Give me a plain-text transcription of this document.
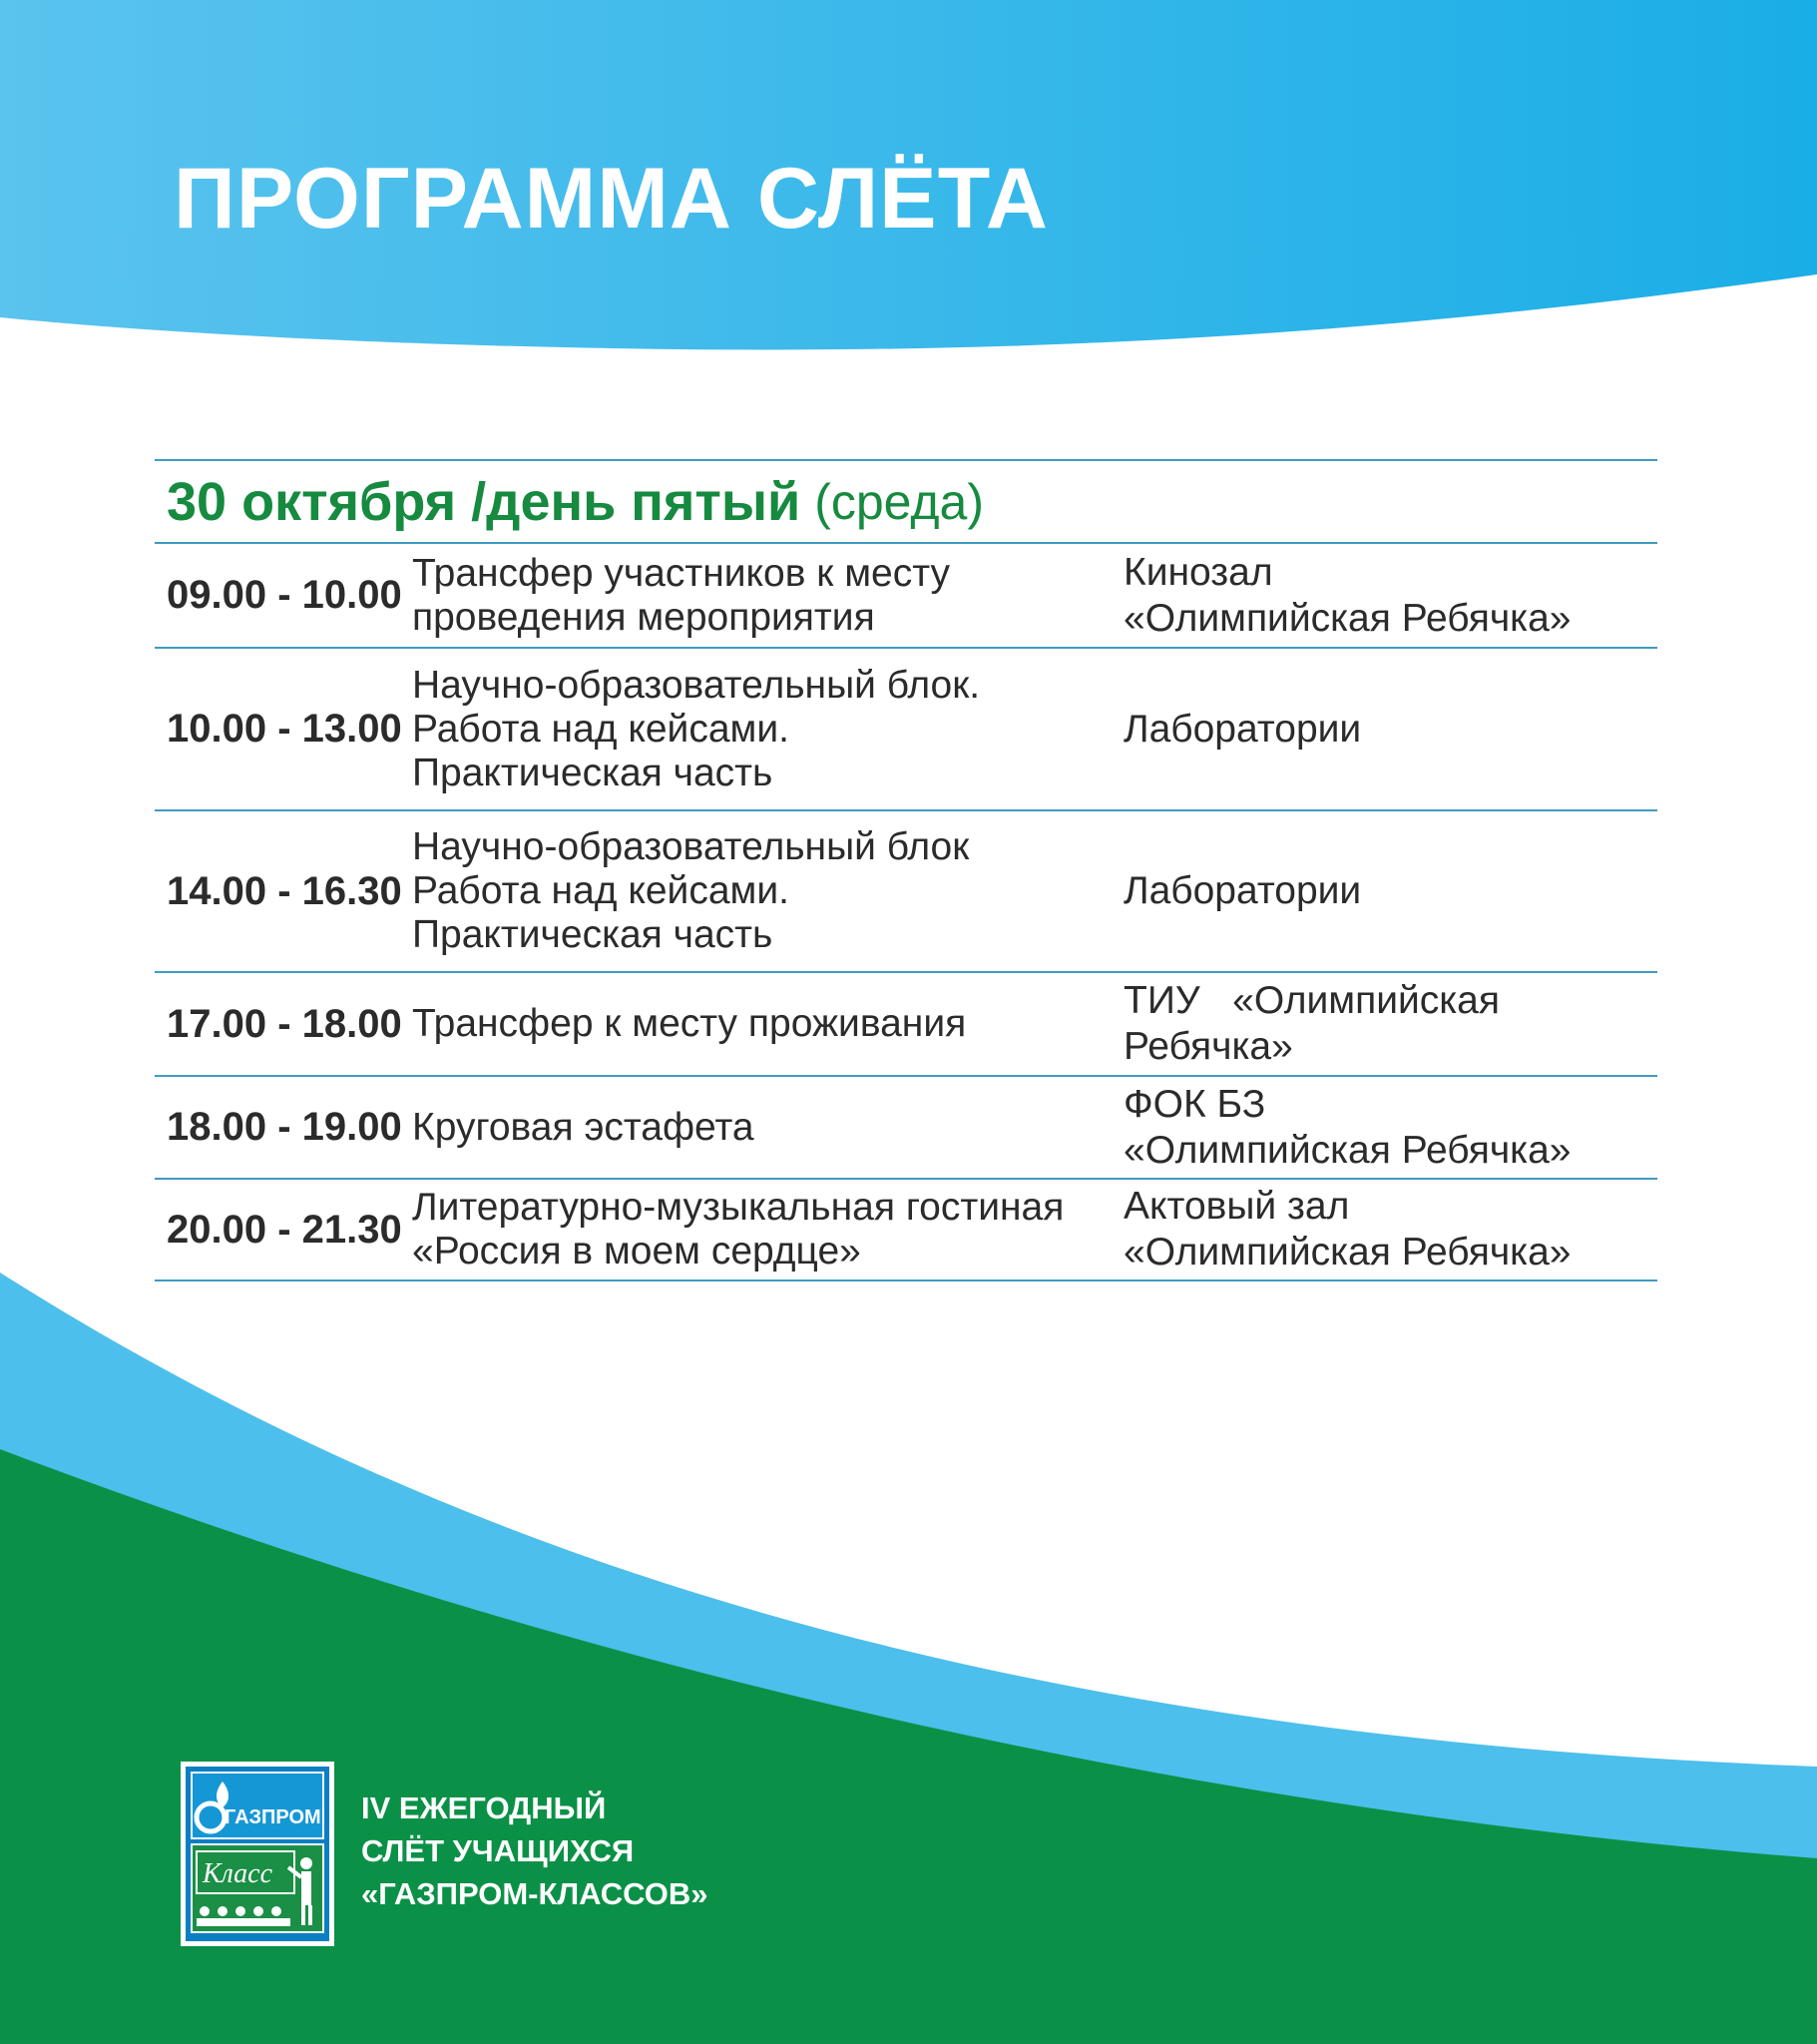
ПРОГРАММА СЛЁТА
30 октября /день пятый (среда)
09.00 - 10.00 Трансфер участников к месту
проведения мероприятия
Кинозал
«Олимпийская Ребячка»
10.00 - 13.00
Научно-образовательный блок.
Работа над кейсами.
Практическая часть
Лаборатории
14.00 - 16.30
Научно-образовательный блок
Работа над кейсами.
Практическая часть
Лаборатории
17.00 - 18.00 Трансфер к месту проживания
ТИУ   «Олимпийская
Ребячка»
18.00 - 19.00 Круговая эстафета
ФОК БЗ
«Олимпийская Ребячка»
20.00 - 21.30 Литературно-музыкальная гостиная
«Россия в моем сердце»
Актовый зал
«Олимпийская Ребячка»
ГАЗПРОМ
Класс
IV ЕЖЕГОДНЫЙ
СЛЁТ УЧАЩИХСЯ
«ГАЗПРОМ-КЛАССОВ»
